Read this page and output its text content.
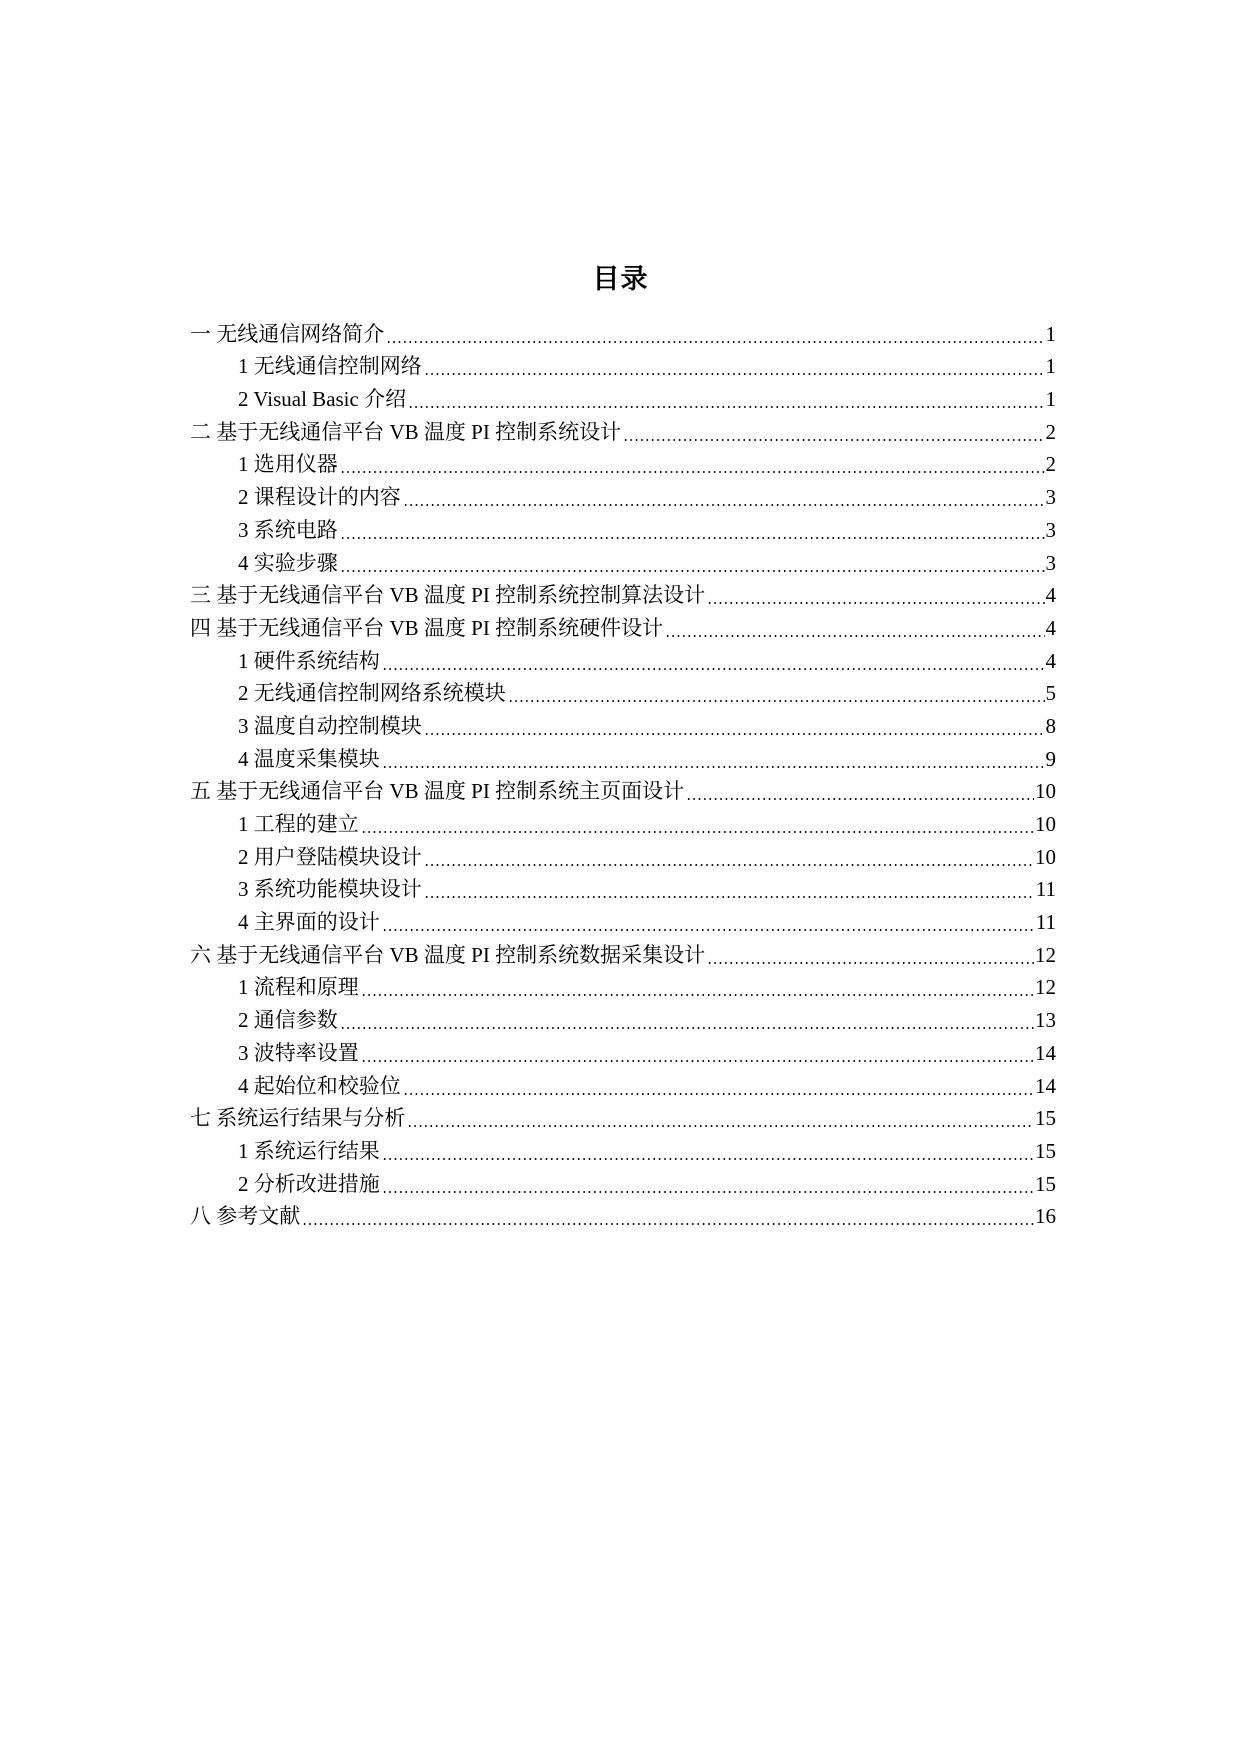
目录
一 无线通信网络简介	1
1 无线通信控制网络	1
2 Visual Basic 介绍	1
二 基于无线通信平台 VB 温度 PI 控制系统设计	2
1 选用仪器	2
2 课程设计的内容	3
3 系统电路	3
4 实验步骤	3
三 基于无线通信平台 VB 温度 PI 控制系统控制算法设计	4
四 基于无线通信平台 VB 温度 PI 控制系统硬件设计	4
1 硬件系统结构	4
2 无线通信控制网络系统模块	5
3 温度自动控制模块	8
4 温度采集模块	9
五 基于无线通信平台 VB 温度 PI 控制系统主页面设计	10
1 工程的建立	10
2 用户登陆模块设计	10
3 系统功能模块设计	11
4 主界面的设计	11
六 基于无线通信平台 VB 温度 PI 控制系统数据采集设计	12
1 流程和原理	12
2 通信参数	13
3 波特率设置	14
4 起始位和校验位	14
七 系统运行结果与分析	15
1 系统运行结果	15
2 分析改进措施	15
八 参考文献	16
